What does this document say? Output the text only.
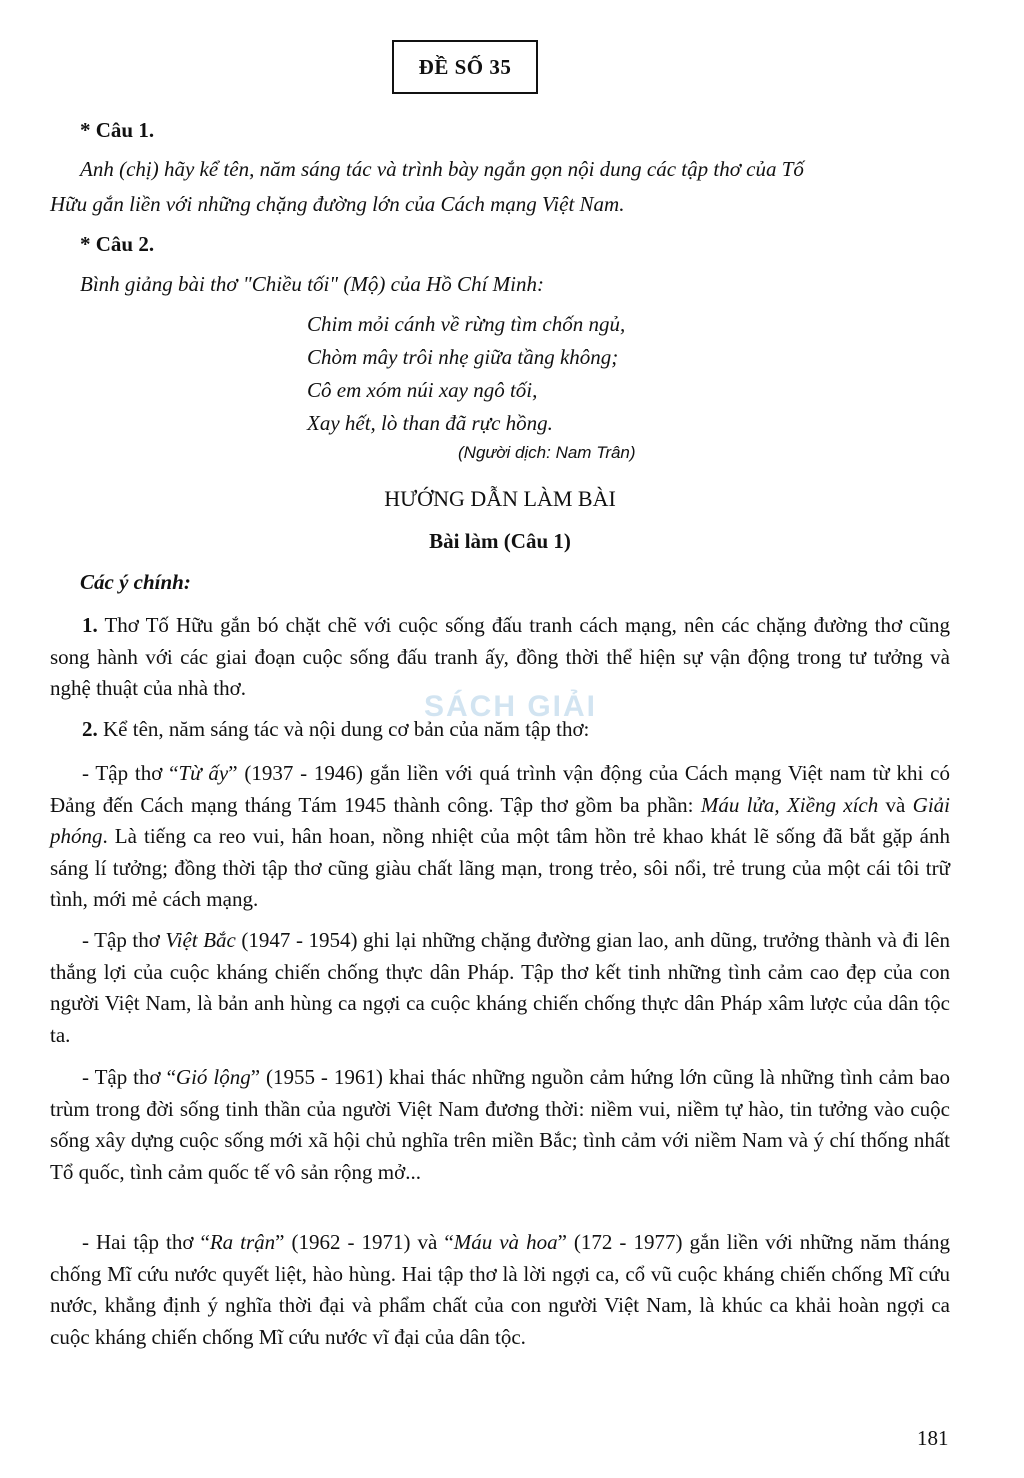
ĐỀ SỐ 35
* Câu 1.
Anh (chị) hãy kể tên, năm sáng tác và trình bày ngắn gọn nội dung các tập thơ của Tố
Hữu gắn liền với những chặng đường lớn của Cách mạng Việt Nam.
* Câu 2.
Bình giảng bài thơ "Chiều tối" (Mộ) của Hồ Chí Minh:
Chim mỏi cánh về rừng tìm chốn ngủ,
Chòm mây trôi nhẹ giữa tầng không;
Cô em xóm núi xay ngô tối,
Xay hết, lò than đã rực hồng.
(Người dịch: Nam Trân)
HƯỚNG DẪN LÀM BÀI
Bài làm (Câu 1)
Các ý chính:
SÁCH GIẢI
1. Thơ Tố Hữu gắn bó chặt chẽ với cuộc sống đấu tranh cách mạng, nên các chặng đường thơ cũng song hành với các giai đoạn cuộc sống đấu tranh ấy, đồng thời thể hiện sự vận động trong tư tưởng và nghệ thuật của nhà thơ.
2. Kể tên, năm sáng tác và nội dung cơ bản của năm tập thơ:
- Tập thơ “Từ ấy” (1937 - 1946) gắn liền với quá trình vận động của Cách mạng Việt nam từ khi có Đảng đến Cách mạng tháng Tám 1945 thành công. Tập thơ gồm ba phần: Máu lửa, Xiềng xích và Giải phóng. Là tiếng ca reo vui, hân hoan, nồng nhiệt của một tâm hồn trẻ khao khát lẽ sống đã bắt gặp ánh sáng lí tưởng; đồng thời tập thơ cũng giàu chất lãng mạn, trong trẻo, sôi nổi, trẻ trung của một cái tôi trữ tình, mới mẻ cách mạng.
- Tập thơ Việt Bắc (1947 - 1954) ghi lại những chặng đường gian lao, anh dũng, trưởng thành và đi lên thắng lợi của cuộc kháng chiến chống thực dân Pháp. Tập thơ kết tinh những tình cảm cao đẹp của con người Việt Nam, là bản anh hùng ca ngợi ca cuộc kháng chiến chống thực dân Pháp xâm lược của dân tộc ta.
- Tập thơ “Gió lộng” (1955 - 1961) khai thác những nguồn cảm hứng lớn cũng là những tình cảm bao trùm trong đời sống tinh thần của người Việt Nam đương thời: niềm vui, niềm tự hào, tin tưởng vào cuộc sống xây dựng cuộc sống mới xã hội chủ nghĩa trên miền Bắc; tình cảm với niềm Nam và ý chí thống nhất Tổ quốc, tình cảm quốc tế vô sản rộng mở...
- Hai tập thơ “Ra trận” (1962 - 1971) và “Máu và hoa” (172 - 1977) gắn liền với những năm tháng chống Mĩ cứu nước quyết liệt, hào hùng. Hai tập thơ là lời ngợi ca, cổ vũ cuộc kháng chiến chống Mĩ cứu nước, khẳng định ý nghĩa thời đại và phẩm chất của con người Việt Nam, là khúc ca khải hoàn ngợi ca cuộc kháng chiến chống Mĩ cứu nước vĩ đại của dân tộc.
181
